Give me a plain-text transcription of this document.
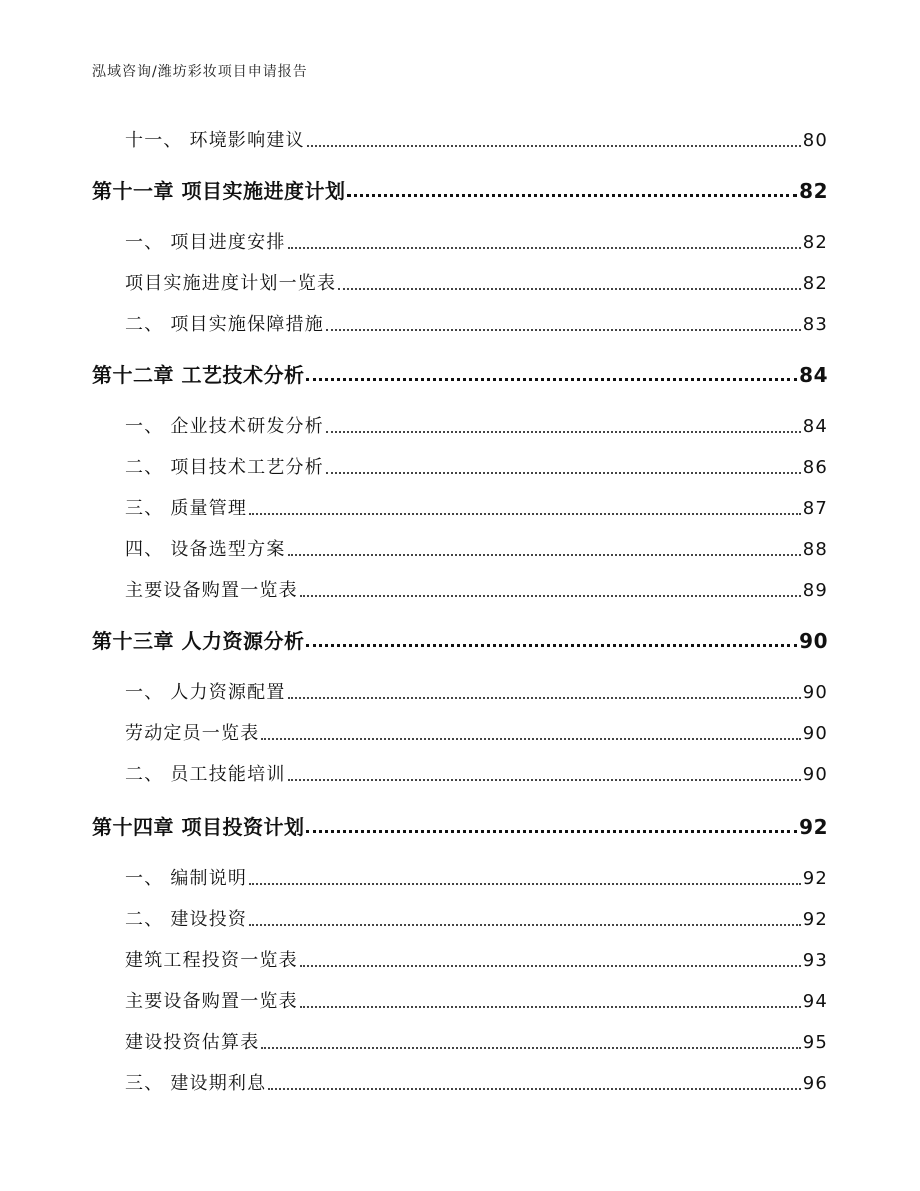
泓域咨询/潍坊彩妆项目申请报告
十一、 环境影响建议	80
第十一章 项目实施进度计划	82
一、 项目进度安排	82
项目实施进度计划一览表	82
二、 项目实施保障措施	83
第十二章 工艺技术分析	84
一、 企业技术研发分析	84
二、 项目技术工艺分析	86
三、 质量管理	87
四、 设备选型方案	88
主要设备购置一览表	89
第十三章 人力资源分析	90
一、 人力资源配置	90
劳动定员一览表	90
二、 员工技能培训	90
第十四章 项目投资计划	92
一、 编制说明	92
二、 建设投资	92
建筑工程投资一览表	93
主要设备购置一览表	94
建设投资估算表	95
三、 建设期利息	96
